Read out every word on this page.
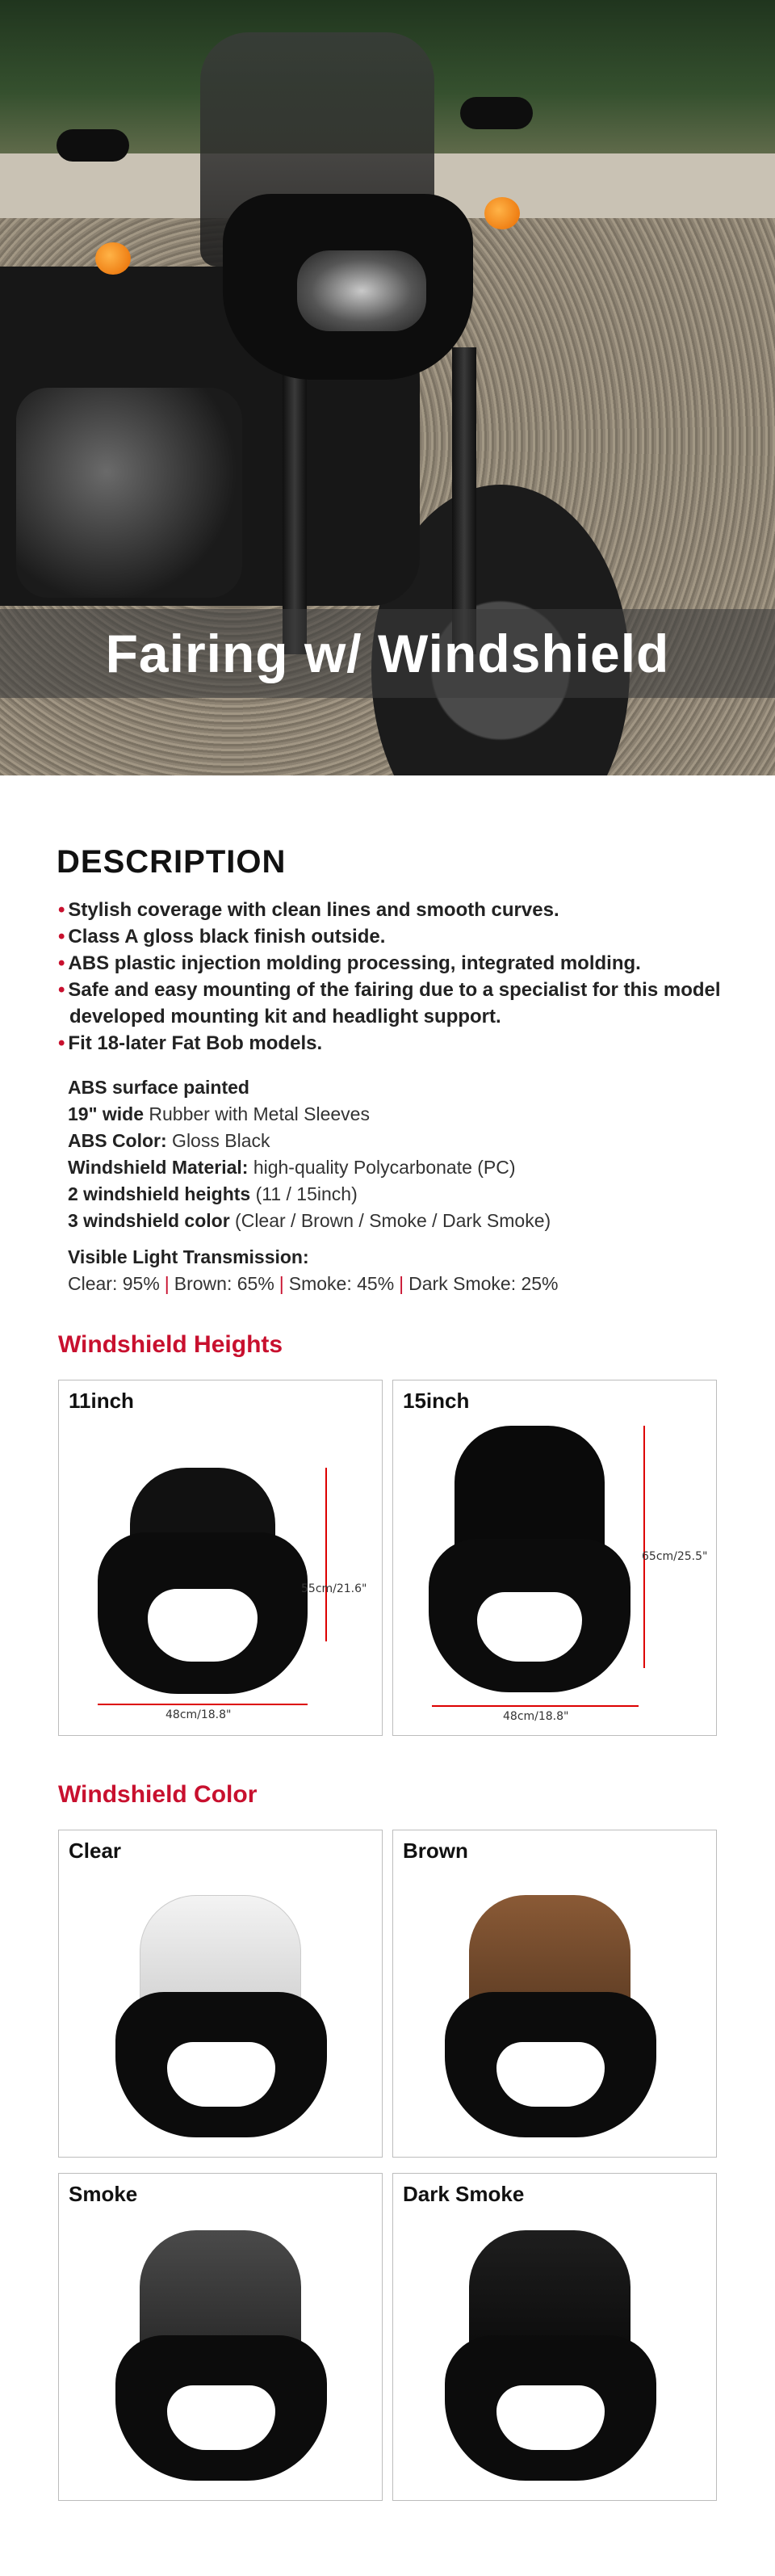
Fairing w/ Windshield
DESCRIPTION
• Stylish coverage with clean lines and smooth curves.
• Class A gloss black finish outside.
• ABS plastic injection molding processing, integrated molding.
• Safe and easy mounting of the fairing due to a specialist for this model developed mounting kit and headlight support.
• Fit 18-later Fat Bob models.
ABS surface painted
19" wide Rubber with Metal Sleeves
ABS Color: Gloss Black
Windshield Material: high-quality Polycarbonate (PC)
2 windshield heights (11 / 15inch)
3 windshield color (Clear / Brown / Smoke / Dark Smoke)
Visible Light Transmission:
Clear: 95% | Brown: 65% | Smoke: 45% | Dark Smoke: 25%
Windshield Heights
11inch
55cm/21.6"
48cm/18.8"
15inch
65cm/25.5"
48cm/18.8"
Windshield Color
Clear	Brown
Smoke	Dark Smoke
